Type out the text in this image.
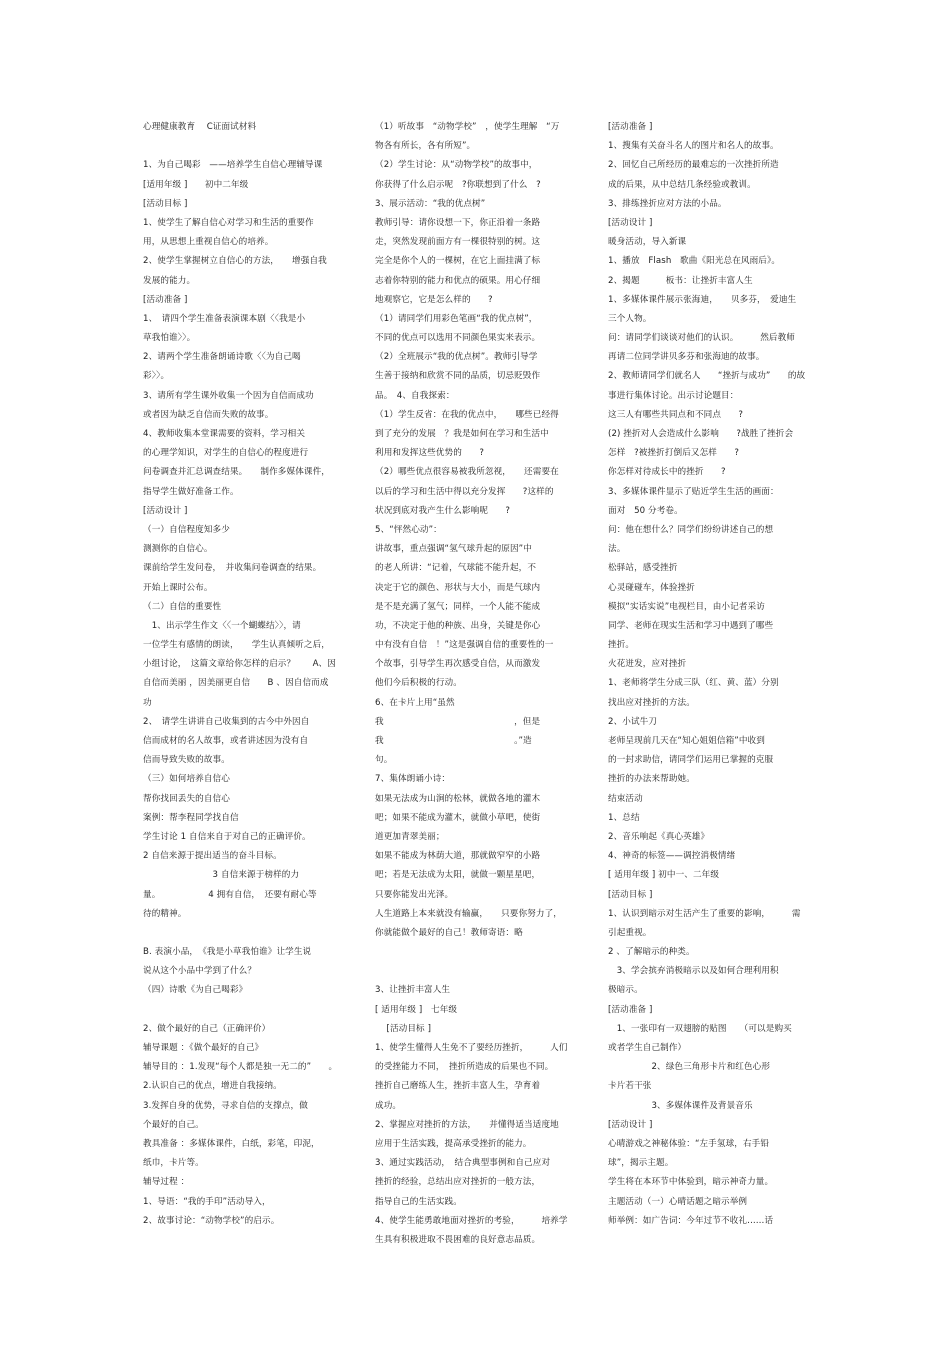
心理健康教育　 C证面试材料
1、为自己喝彩　——培养学生自信心理辅导课
[适用年级 ]　　初中二年级
[活动目标 ]
1、使学生了解自信心对学习和生活的重要作
用，从思想上重视自信心的培养。
2、使学生掌握树立自信心的方法，　　增强自我
发展的能力。
[活动准备 ]
1、　请四个学生准备表演课本剧〈〈我是小
草我怕谁〉〉。
2、请两个学生准备朗诵诗歌〈〈为自己喝
彩〉〉。
3、请所有学生课外收集一个因为自信而成功
或者因为缺乏自信而失败的故事。
4、教师收集本堂课需要的资料，学习相关
的心理学知识，对学生的自信心的程度进行
问卷调查并汇总调查结果。　　制作多媒体课件，
指导学生做好准备工作。
[活动设计 ]
（一）自信程度知多少
测测你的自信心。
课前给学生发问卷，　并收集问卷调查的结果。
开始上课时公布。
（二）自信的重要性
　1、出示学生作文〈〈一个蝴蝶结〉〉，请
一位学生有感情的朗读，　　学生认真倾听之后，
小组讨论，　这篇文章给你怎样的启示？　　A、因
自信而美丽 ，因美丽更自信　　B 、因自信而成
功
2、　请学生讲讲自己收集到的古今中外因自
信而成材的名人故事，或者讲述因为没有自
信而导致失败的故事。
（三）如何培养自信心
帮你找回丢失的自信心
案例：帮李程同学找自信
学生讨论 1 自信来自于对自己的正确评价。
2 自信来源于提出适当的奋斗目标。
　　　　　　　　3 自信来源于榜样的力
量。　　　　　　4 拥有自信，　还要有耐心等
待的精神。
B. 表演小品，　《我是小草我怕谁》让学生说
说从这个小品中学到了什么？
（四）诗歌《为自己喝彩》
2、做个最好的自己（正确评价）
辅导课题 ：《做个最好的自己》
辅导目的 ：1.发现“每个人都是独一无二的”　　。
2.认识自己的优点，增进自我接纳。
3.发挥自身的优势，寻求自信的支撑点，做
个最好的自己。
教具准备 ：多媒体课件，白纸，彩笔，印泥，
纸巾，卡片等。
辅导过程 ：
1、导语：“我的手印”活动导入，
2、故事讨论：“动物学校”的启示。
（1）听故事　“动物学校”　，使学生理解　“万
物各有所长，各有所短”。
（2）学生讨论：从“动物学校”的故事中，
你获得了什么启示呢　?你联想到了什么　?
3、展示活动：“我的优点树”
教师引导：请你设想一下，你正沿着一条路
走，突然发现前面方有一棵很特别的树。这
完全是你个人的一棵树，在它上面挂满了标
志着你特别的能力和优点的硕果。用心仔细
地观察它，它是怎么样的　　?
（1）请同学们用彩色笔画“我的优点树”，
不同的优点可以选用不同颜色果实来表示。
（2）全班展示“我的优点树”。教师引导学
生善于接纳和欣赏不同的品质，切忌贬毁作
品。　4、自我探索：
（1）学生反省：在我的优点中，　　哪些已经得
到了充分的发展　？我是如何在学习和生活中
利用和发挥这些优势的　　?
（2）哪些优点很容易被我所忽视，　　还需要在
以后的学习和生活中得以充分发挥　　?这样的
状况到底对我产生什么影响呢　　?
5、“怦然心动”：
讲故事，重点强调“氢气球升起的原因”中
的老人所讲：“记着，气球能不能升起，不
决定于它的颜色、形状与大小，而是气球内
是不是充满了氢气；同样，一个人能不能成
功，不决定于他的种族、出身，关键是你心
中有没有自信　！”这是强调自信的重要性的一
个故事，引导学生再次感受自信，从而激发
他们今后积极的行动。
6、在卡片上用“虽然
我　　　　　　　　　　　　　　　，但是
我　　　　　　　　　　　　　　　。”造
句。
7、集体朗诵小诗：
如果无法成为山涧的松林，就做各地的灌木
吧；如果不能成为灌木，就做小草吧，使街
道更加青翠美丽；
如果不能成为林荫大道，那就做窄窄的小路
吧；若是无法成为太阳，就做一颗星星吧，
只要你能发出光泽。
人生道路上本来就没有输赢，　　只要你努力了，
你就能做个最好的自己！教师寄语：略
3、让挫折丰富人生
[ 适用年级 ]　七年级
　 [活动目标 ]
1、使学生懂得人生免不了要经历挫折，　　　人们
的受挫能力不同，　挫折所造成的后果也不同。
挫折自己磨练人生，挫折丰富人生，孕育着
成功。
2、掌握应对挫折的方法，　　并懂得适当适度地
应用于生活实践，提高承受挫折的能力。
3、通过实践活动，　结合典型事例和自己应对
挫折的经验，总结出应对挫折的一般方法，
指导自己的生活实践。
4、使学生能勇敢地面对挫折的考验，　　　培养学
生具有积极进取不畏困难的良好意志品质。
[活动准备 ]
1、搜集有关奋斗名人的图片和名人的故事。
2、回忆自己所经历的最难忘的一次挫折所造
成的后果，从中总结几条经验或教训。
3、排练挫折应对方法的小品。
[活动设计 ]
暖身活动，导入新课
1、播放　Flash　歌曲《阳光总在风雨后》。
2、揭题　　　板书：让挫折丰富人生
1、多媒体课件展示张海迪，　　贝多芬，　爱迪生
三个人物。
问：请同学们谈谈对他们的认识。　　　然后教师
再请二位同学讲贝多芬和张海迪的故事。
2、教师请同学们就名人　　“挫折与成功”　　的故
事进行集体讨论。出示讨论题目：
这三人有哪些共同点和不同点　　?
(2) 挫折对人会造成什么影响　　?战胜了挫折会
怎样　?被挫折打倒后又怎样　　?
你怎样对待成长中的挫折　　?
3、多媒体课件显示了贴近学生生活的画面：
面对　50 分考卷。
问：他在想什么？同学们纷纷讲述自己的想
法。
松驿站，感受挫折
心灵碰碰车，体验挫折
模拟“实话实说”电视栏目，由小记者采访
同学、老师在现实生活和学习中遇到了哪些
挫折。
火花迸发，应对挫折
1、老师将学生分成三队（红、黄、蓝）分别
找出应对挫折的方法。
2、小试牛刀
老师呈现前几天在“知心姐姐信箱”中收到
的一封求助信，请同学们运用已掌握的克服
挫折的办法来帮助她。
结束活动
1、总结
2、音乐响起《真心英雄》
4、神奇的标签——调控消极情绪
[ 适用年级 ] 初中一、二年级
[活动目标 ]
1、认识到暗示对生活产生了重要的影响，　　　需
引起重视。
2 、了解暗示的种类。
　3、学会摈弃消极暗示以及如何合理利用积
极暗示。
[活动准备 ]
　1、一张印有一双翅膀的贴图　　（可以是购买
或者学生自己制作）
　　　　　2、绿色三角形卡片和红色心形
卡片若干张
　　　　　3、多媒体课件及背景音乐
[活动设计 ]
心晴游戏之神秘体验：“左手氢球，右手铅
球”，揭示主题。
学生将在本环节中体验到，暗示神奇力量。
主题活动（一）心晴话题之暗示举例
师举例：如广告词：今年过节不收礼……话
